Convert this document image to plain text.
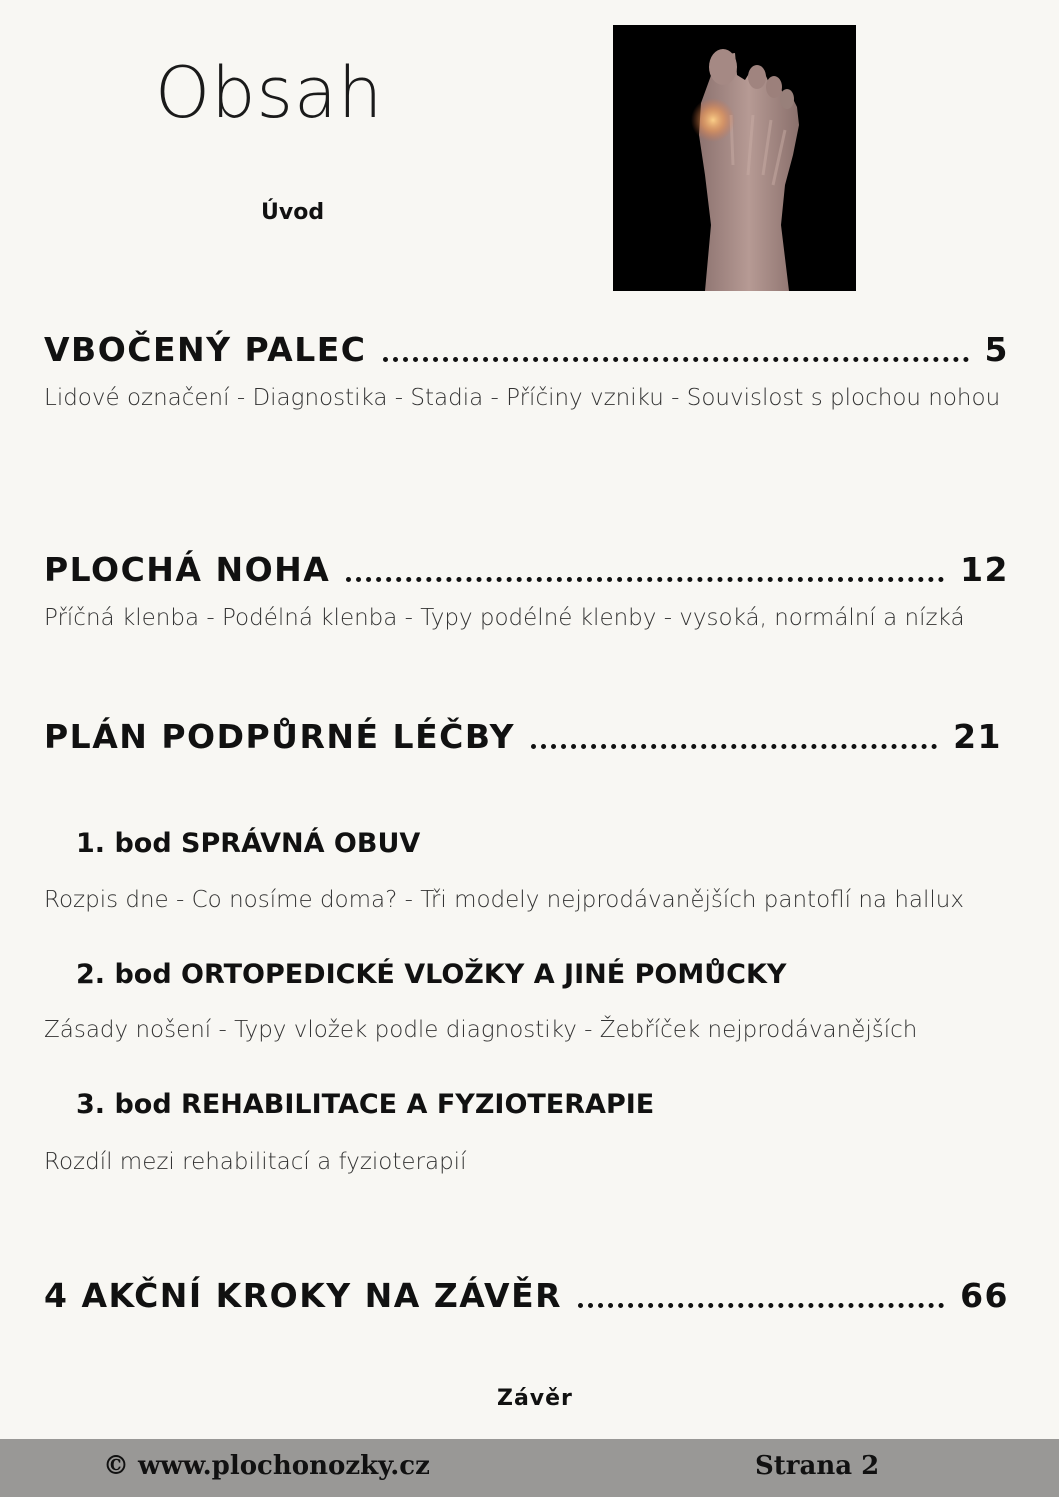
Obsah
Úvod
VBOČENÝ PALEC	5
Lidové označení - Diagnostika - Stadia - Příčiny vzniku - Souvislost s plochou nohou
PLOCHÁ NOHA	12
Příčná klenba - Podélná klenba - Typy podélné klenby - vysoká, normální a nízká
PLÁN PODPŮRNÉ LÉČBY	21
1. bod SPRÁVNÁ OBUV
Rozpis dne - Co nosíme doma? - Tři modely nejprodávanějších pantoflí na hallux
2. bod ORTOPEDICKÉ VLOŽKY A JINÉ POMŮCKY
Zásady nošení - Typy vložek podle diagnostiky - Žebříček nejprodávanějších
3. bod REHABILITACE A FYZIOTERAPIE
Rozdíl mezi rehabilitací a fyzioterapií
4 AKČNÍ KROKY NA ZÁVĚR	66
Závěr
© www.plochonozky.cz	Strana 2
